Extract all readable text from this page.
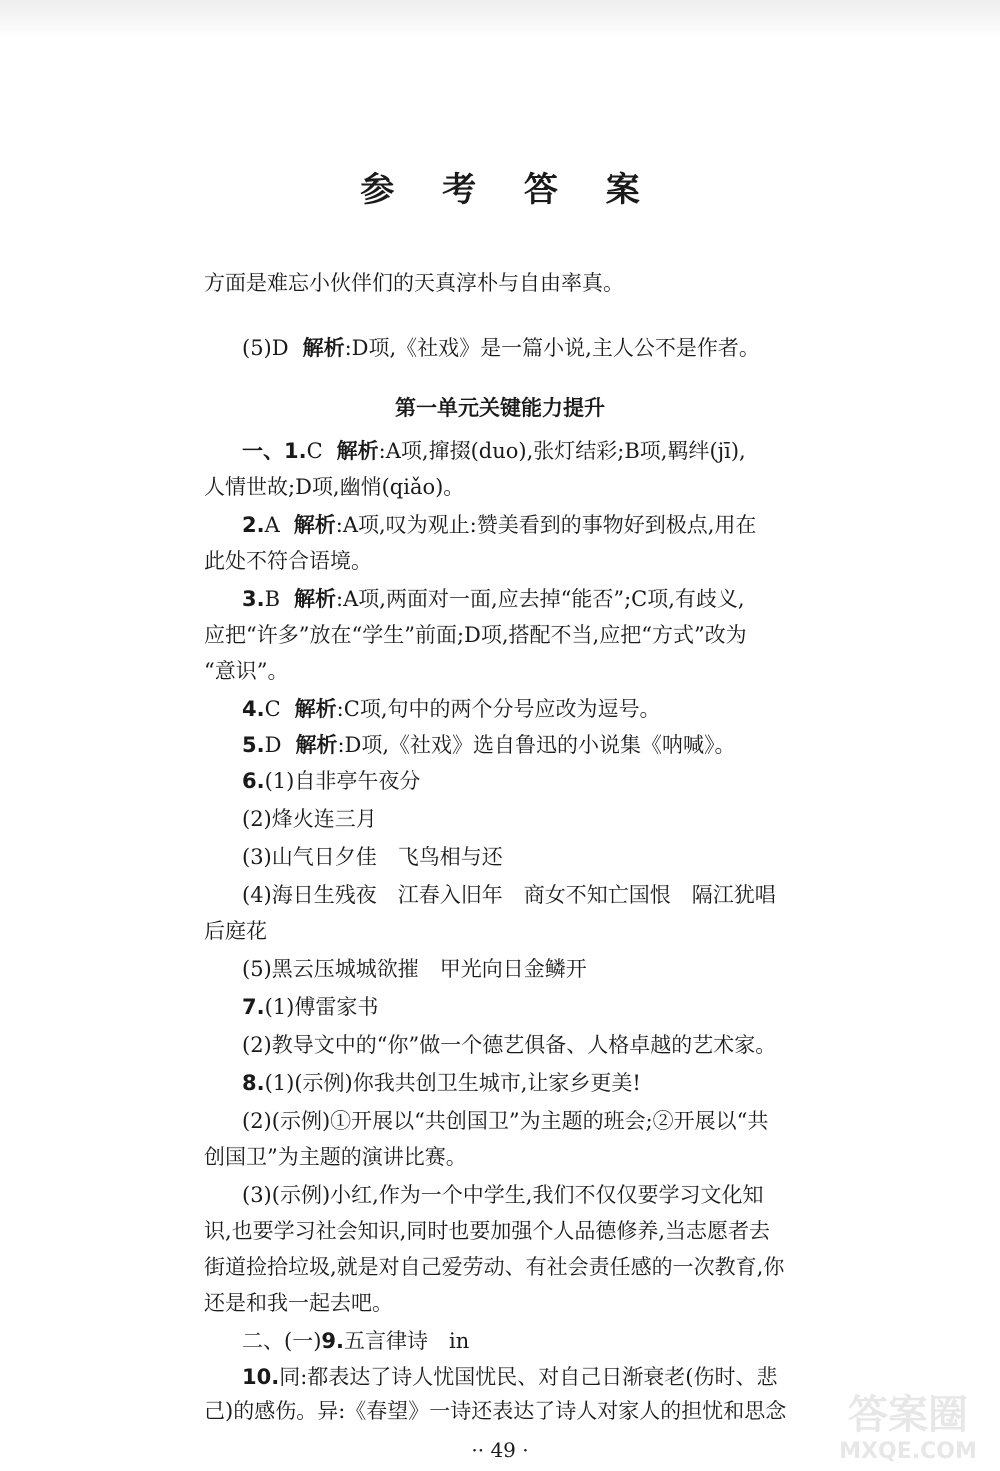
参 考 答 案
方面是难忘小伙伴们的天真淳朴与自由率真。
(5)D 解析:D项,《社戏》是一篇小说,主人公不是作者。
第一单元关键能力提升
一、1.C 解析:A项,撺掇(duo),张灯结彩;B项,羁绊(jī),
人情世故;D项,幽悄(qiǎo)。
2.A 解析:A项,叹为观止:赞美看到的事物好到极点,用在
此处不符合语境。
3.B 解析:A项,两面对一面,应去掉“能否”;C项,有歧义,
应把“许多”放在“学生”前面;D项,搭配不当,应把“方式”改为
“意识”。
4.C 解析:C项,句中的两个分号应改为逗号。
5.D 解析:D项,《社戏》选自鲁迅的小说集《呐喊》。
6.(1)自非亭午夜分
(2)烽火连三月
(3)山气日夕佳　飞鸟相与还
(4)海日生残夜　江春入旧年　商女不知亡国恨　隔江犹唱
后庭花
(5)黑云压城城欲摧　甲光向日金鳞开
7.(1)傅雷家书
(2)教导文中的“你”做一个德艺俱备、人格卓越的艺术家。
8.(1)(示例)你我共创卫生城市,让家乡更美!
(2)(示例)①开展以“共创国卫”为主题的班会;②开展以“共
创国卫”为主题的演讲比赛。
(3)(示例)小红,作为一个中学生,我们不仅仅要学习文化知
识,也要学习社会知识,同时也要加强个人品德修养,当志愿者去
街道捡拾垃圾,就是对自己爱劳动、有社会责任感的一次教育,你
还是和我一起去吧。
二、(一)9.五言律诗　in
10.同:都表达了诗人忧国忧民、对自己日渐衰老(伤时、悲
己)的感伤。异:《春望》一诗还表达了诗人对家人的担忧和思念
·· 49 ·
答案圈
MXQE.COM
